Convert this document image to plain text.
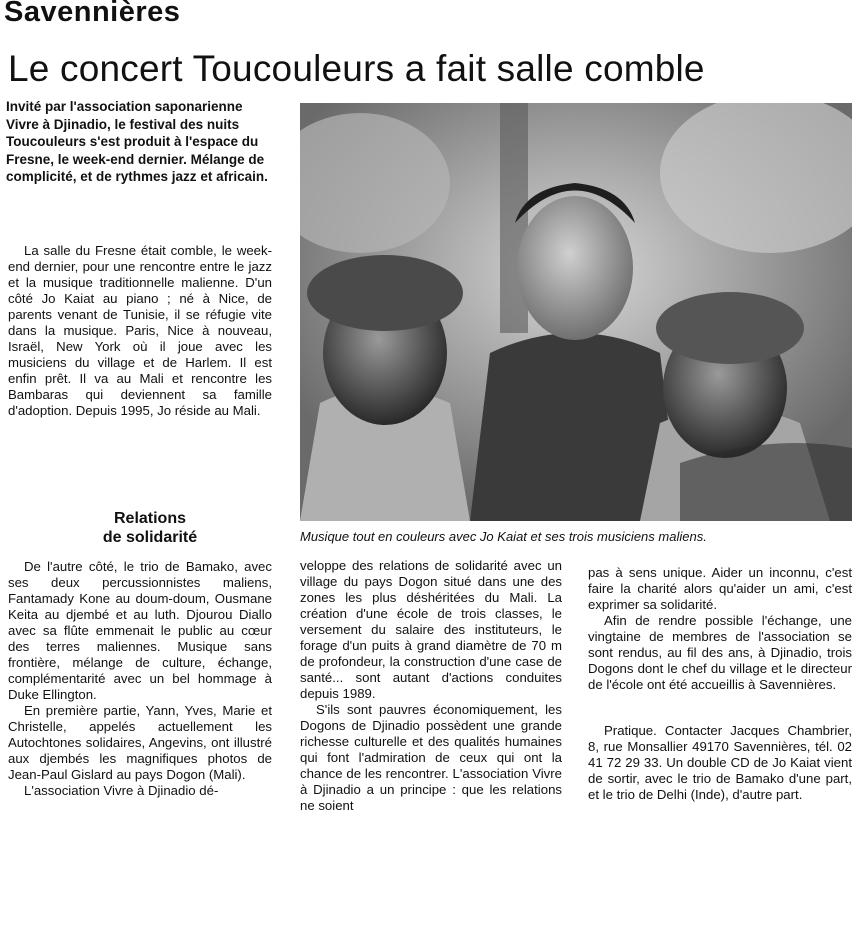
Savennières
Le concert Toucouleurs a fait salle comble

Invité par l'association saponarienne Vivre à Djinadio, le festival des nuits Toucouleurs s'est produit à l'espace du Fresne, le week-end dernier. Mélange de complicité, et de rythmes jazz et africain.

La salle du Fresne était comble, le week-end dernier, pour une rencontre entre le jazz et la musique traditionnelle malienne. D'un côté Jo Kaiat au piano ; né à Nice, de parents venant de Tunisie, il se réfugie vite dans la musique. Paris, Nice à nouveau, Israël, New York où il joue avec les musiciens du village et de Harlem. Il est enfin prêt. Il va au Mali et rencontre les Bambaras qui deviennent sa famille d'adoption. Depuis 1995, Jo réside au Mali.

Relations
de solidarité

De l'autre côté, le trio de Bamako, avec ses deux percussionnistes maliens, Fantamady Kone au doum-doum, Ousmane Keita au djembé et au luth. Djourou Diallo avec sa flûte emmenait le public au cœur des terres maliennes. Musique sans frontière, mélange de culture, échange, complémentarité avec un bel hommage à Duke Ellington.

En première partie, Yann, Yves, Marie et Christelle, appelés actuellement les Autochtones solidaires, Angevins, ont illustré aux djembés les magnifiques photos de Jean-Paul Gislard au pays Dogon (Mali).

L'association Vivre à Djinadio dé-

veloppe des relations de solidarité avec un village du pays Dogon situé dans une des zones les plus déshéritées du Mali. La création d'une école de trois classes, le versement du salaire des instituteurs, le forage d'un puits à grand diamètre de 70 m de profondeur, la construction d'une case de santé... sont autant d'actions conduites depuis 1989.

S'ils sont pauvres économiquement, les Dogons de Djinadio possèdent une grande richesse culturelle et des qualités humaines qui font l'admiration de ceux qui ont la chance de les rencontrer. L'association Vivre à Djinadio a un principe : que les relations ne soient

pas à sens unique. Aider un inconnu, c'est faire la charité alors qu'aider un ami, c'est exprimer sa solidarité.

Afin de rendre possible l'échange, une vingtaine de membres de l'association se sont rendus, au fil des ans, à Djinadio, trois Dogons dont le chef du village et le directeur de l'école ont été accueillis à Savennières.

Pratique. Contacter Jacques Chambrier, 8, rue Monsallier 49170 Savennières, tél. 02 41 72 29 33. Un double CD de Jo Kaiat vient de sortir, avec le trio de Bamako d'une part, et le trio de Delhi (Inde), d'autre part.

Musique tout en couleurs avec Jo Kaiat et ses trois musiciens maliens.
